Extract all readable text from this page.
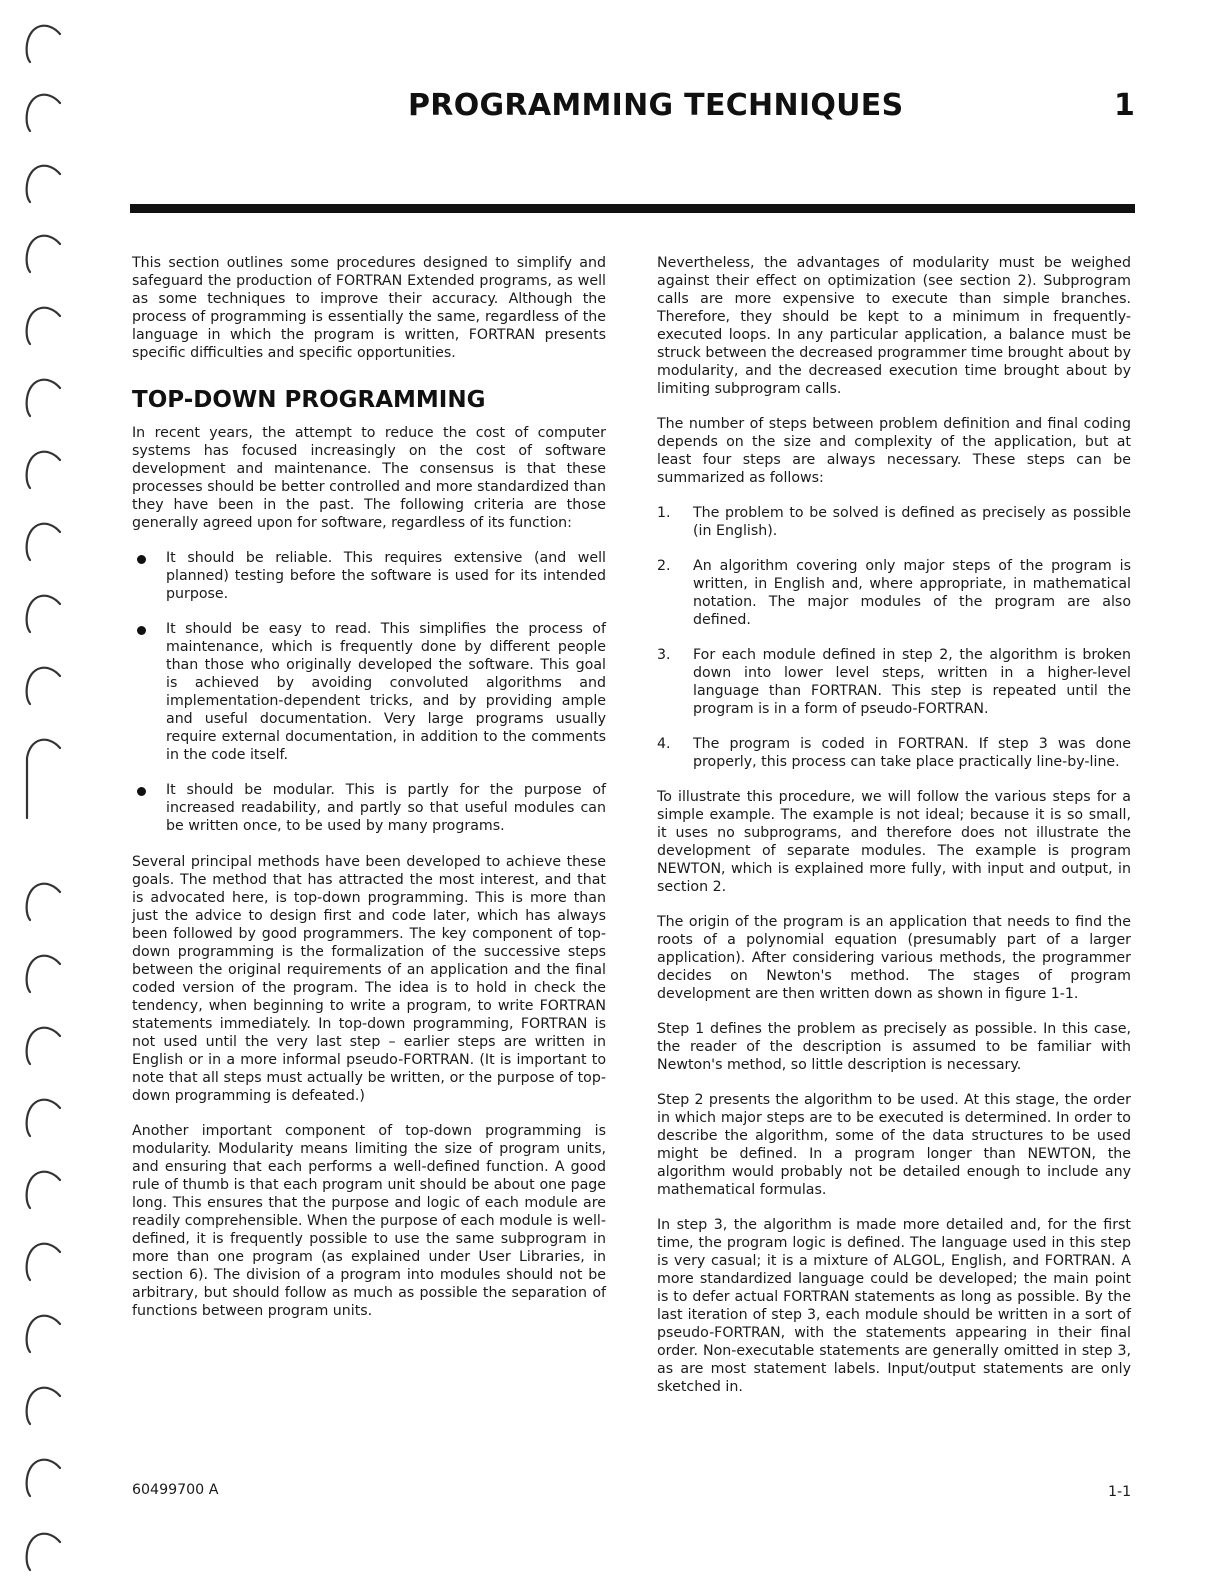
PROGRAMMING TECHNIQUES	1

This section outlines some procedures designed to simplify and safeguard the production of FORTRAN Extended programs, as well as some techniques to improve their accuracy. Although the process of programming is essentially the same, regardless of the language in which the program is written, FORTRAN presents specific difficulties and specific opportunities.

TOP-DOWN PROGRAMMING

In recent years, the attempt to reduce the cost of computer systems has focused increasingly on the cost of software development and maintenance. The consensus is that these processes should be better controlled and more standardized than they have been in the past. The following criteria are those generally agreed upon for software, regardless of its function:

It should be reliable. This requires extensive (and well planned) testing before the software is used for its intended purpose.
It should be easy to read. This simplifies the process of maintenance, which is frequently done by different people than those who originally developed the software. This goal is achieved by avoiding convoluted algorithms and implementation-dependent tricks, and by providing ample and useful documentation. Very large programs usually require external documentation, in addition to the comments in the code itself.
It should be modular. This is partly for the purpose of increased readability, and partly so that useful modules can be written once, to be used by many programs.

Several principal methods have been developed to achieve these goals. The method that has attracted the most interest, and that is advocated here, is top-down programming. This is more than just the advice to design first and code later, which has always been followed by good programmers. The key component of top-down programming is the formalization of the successive steps between the original requirements of an application and the final coded version of the program. The idea is to hold in check the tendency, when beginning to write a program, to write FORTRAN statements immediately. In top-down programming, FORTRAN is not used until the very last step – earlier steps are written in English or in a more informal pseudo-FORTRAN. (It is important to note that all steps must actually be written, or the purpose of top-down programming is defeated.)

Another important component of top-down programming is modularity. Modularity means limiting the size of program units, and ensuring that each performs a well-defined function. A good rule of thumb is that each program unit should be about one page long. This ensures that the purpose and logic of each module are readily comprehensible. When the purpose of each module is well-defined, it is frequently possible to use the same subprogram in more than one program (as explained under User Libraries, in section 6). The division of a program into modules should not be arbitrary, but should follow as much as possible the separation of functions between program units.

Nevertheless, the advantages of modularity must be weighed against their effect on optimization (see section 2). Subprogram calls are more expensive to execute than simple branches. Therefore, they should be kept to a minimum in frequently-executed loops. In any particular application, a balance must be struck between the decreased programmer time brought about by modularity, and the decreased execution time brought about by limiting subprogram calls.

The number of steps between problem definition and final coding depends on the size and complexity of the application, but at least four steps are always necessary. These steps can be summarized as follows:

1. The problem to be solved is defined as precisely as possible (in English).
2. An algorithm covering only major steps of the program is written, in English and, where appropriate, in mathematical notation. The major modules of the program are also defined.
3. For each module defined in step 2, the algorithm is broken down into lower level steps, written in a higher-level language than FORTRAN. This step is repeated until the program is in a form of pseudo-FORTRAN.
4. The program is coded in FORTRAN. If step 3 was done properly, this process can take place practically line-by-line.

To illustrate this procedure, we will follow the various steps for a simple example. The example is not ideal; because it is so small, it uses no subprograms, and therefore does not illustrate the development of separate modules. The example is program NEWTON, which is explained more fully, with input and output, in section 2.

The origin of the program is an application that needs to find the roots of a polynomial equation (presumably part of a larger application). After considering various methods, the programmer decides on Newton's method. The stages of program development are then written down as shown in figure 1-1.

Step 1 defines the problem as precisely as possible. In this case, the reader of the description is assumed to be familiar with Newton's method, so little description is necessary.

Step 2 presents the algorithm to be used. At this stage, the order in which major steps are to be executed is determined. In order to describe the algorithm, some of the data structures to be used might be defined. In a program longer than NEWTON, the algorithm would probably not be detailed enough to include any mathematical formulas.

In step 3, the algorithm is made more detailed and, for the first time, the program logic is defined. The language used in this step is very casual; it is a mixture of ALGOL, English, and FORTRAN. A more standardized language could be developed; the main point is to defer actual FORTRAN statements as long as possible. By the last iteration of step 3, each module should be written in a sort of pseudo-FORTRAN, with the statements appearing in their final order. Non-executable statements are generally omitted in step 3, as are most statement labels. Input/output statements are only sketched in.

60499700 A	1-1
